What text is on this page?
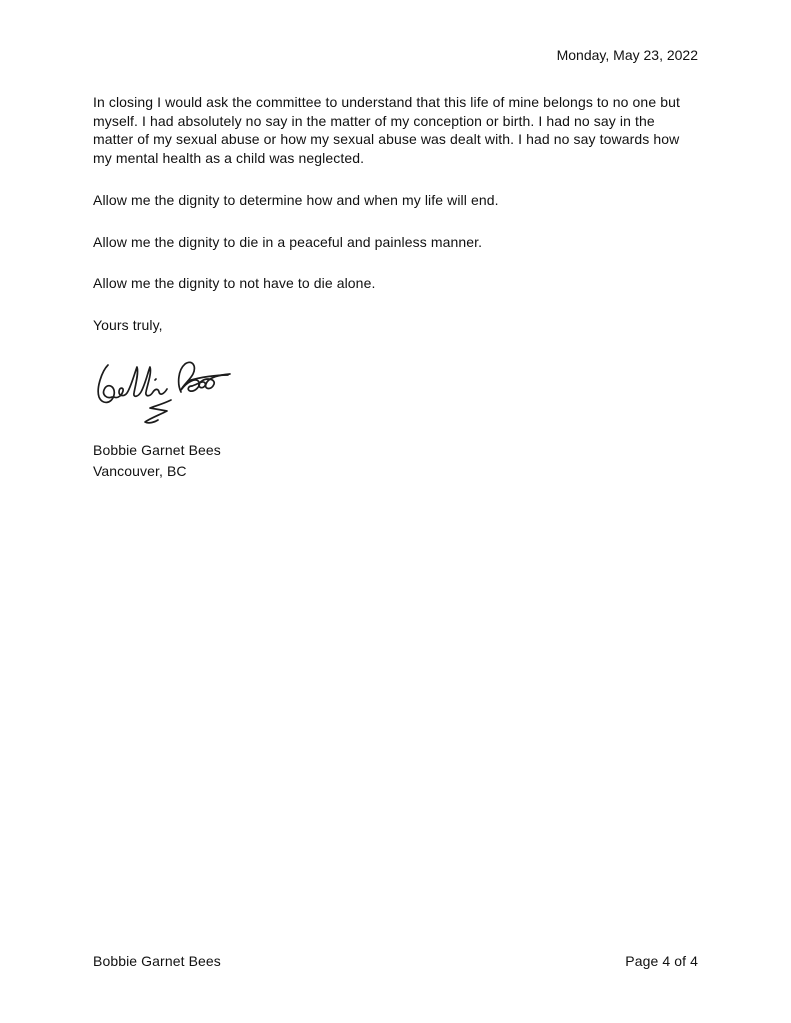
Monday, May 23, 2022

In closing I would ask the committee to understand that this life of mine belongs to no one but myself. I had absolutely no say in the matter of my conception or birth. I had no say in the matter of my sexual abuse or how my sexual abuse was dealt with. I had no say towards how my mental health as a child was neglected.

Allow me the dignity to determine how and when my life will end.

Allow me the dignity to die in a peaceful and painless manner.

Allow me the dignity to not have to die alone.

Yours truly,

Bobbie Garnet Bees
Vancouver, BC
Bobbie Garnet Bees	Page 4 of 4
